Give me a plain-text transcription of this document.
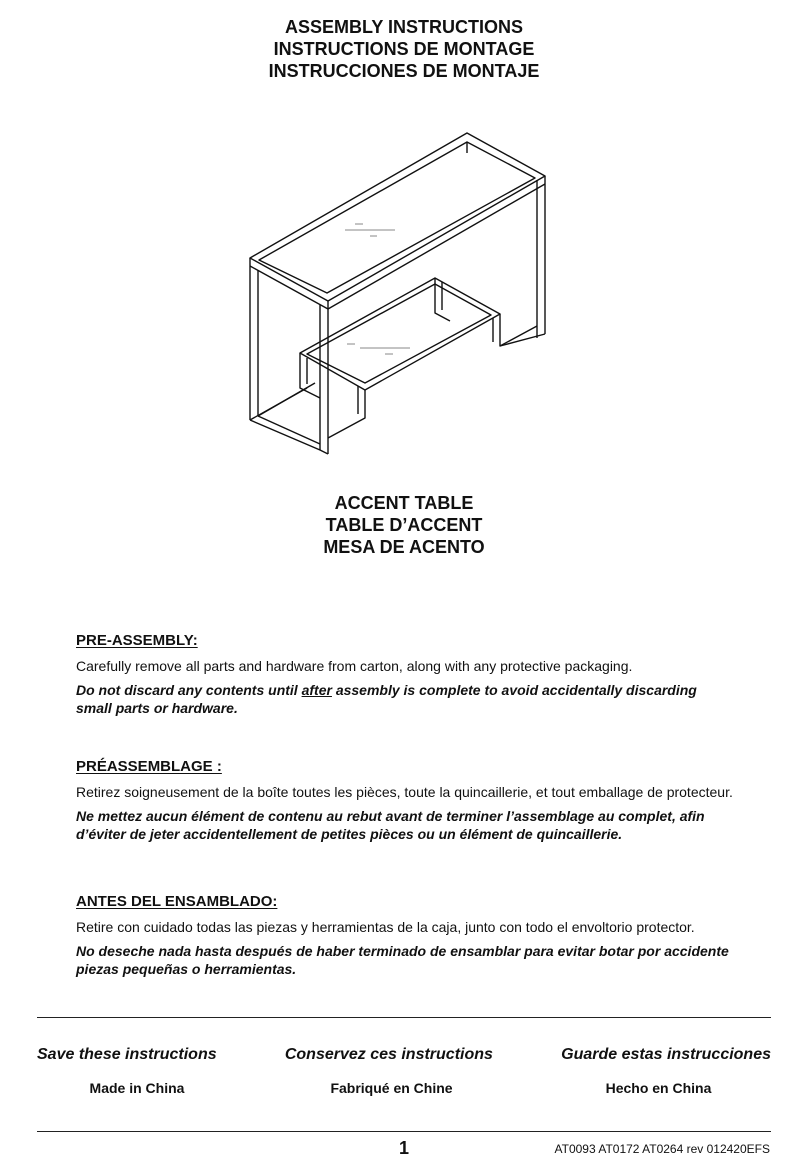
ASSEMBLY INSTRUCTIONS
INSTRUCTIONS DE MONTAGE
INSTRUCCIONES DE MONTAJE
ACCENT TABLE
TABLE D’ACCENT
MESA DE ACENTO
PRE-ASSEMBLY:

Carefully remove all parts and hardware from carton, along with any protective packaging.

Do not discard any contents until after assembly is complete to avoid accidentally discarding small parts or hardware.

PRÉASSEMBLAGE :

Retirez soigneusement de la boîte toutes les pièces, toute la quincaillerie, et tout emballage de protecteur.

Ne mettez aucun élément de contenu au rebut avant de terminer l’assemblage au complet, afin d’éviter de jeter accidentellement de petites pièces ou un élément de quincaillerie.

ANTES DEL ENSAMBLADO:

Retire con cuidado todas las piezas y herramientas de la caja, junto con todo el envoltorio protector.

No deseche nada hasta después de haber terminado de ensamblar para evitar botar por accidente piezas pequeñas o herramientas.

Save these instructions	Conservez ces instructions	Guarde estas instrucciones
Made in China	Fabriqué en Chine	Hecho en China
1	AT0093 AT0172 AT0264 rev 012420EFS
